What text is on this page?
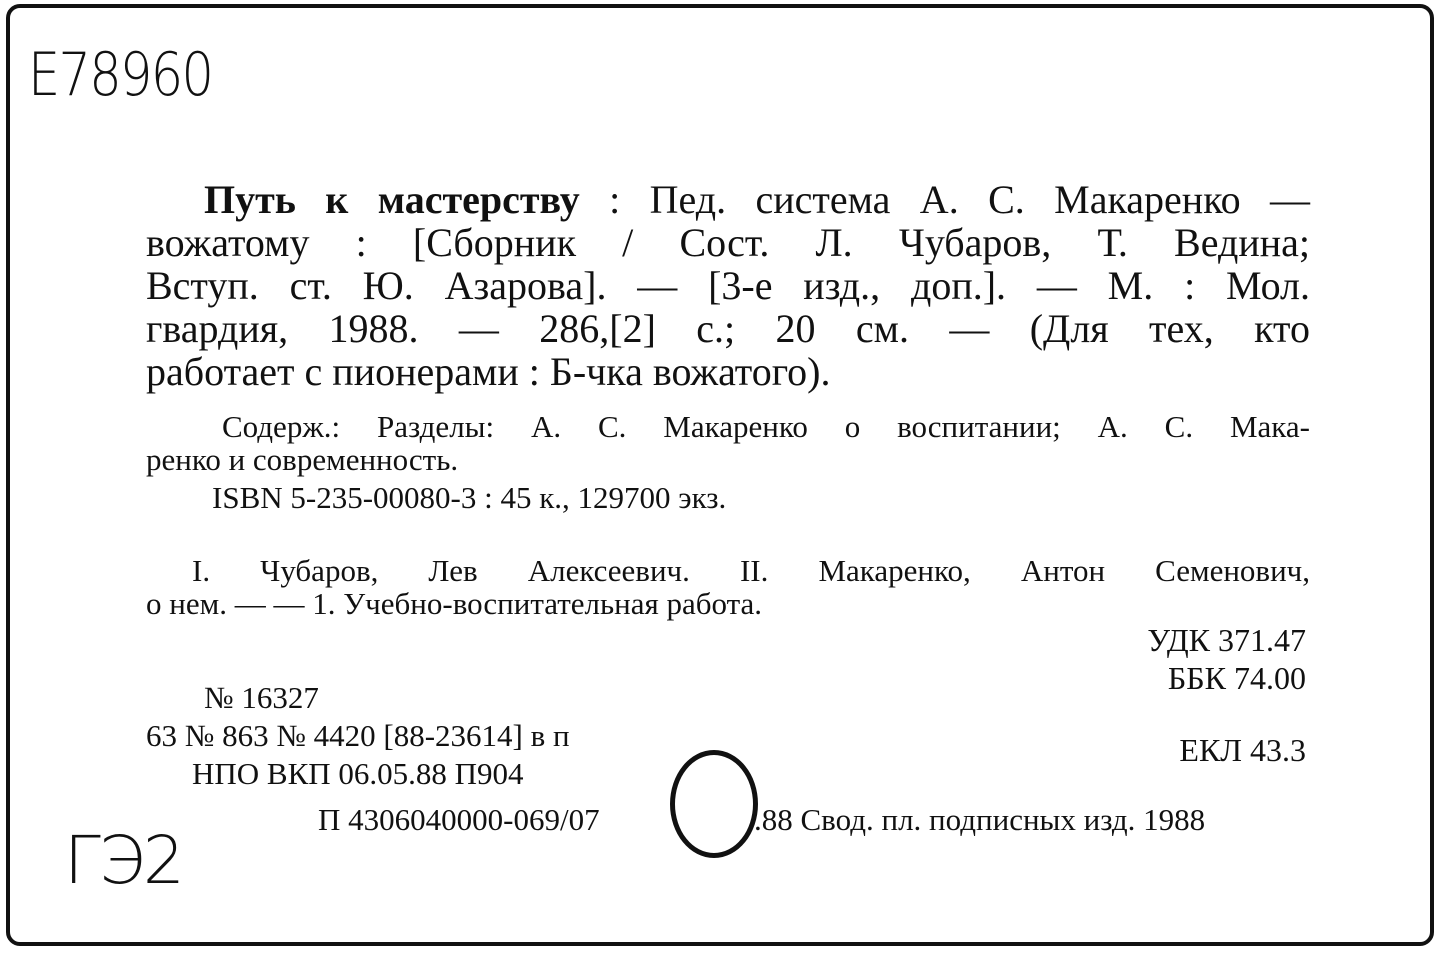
Е78960
Путь к мастерству : Пед. система А. С. Макаренко —
вожатому : [Сборник / Сост. Л. Чубаров, Т. Ведина;
Вступ. ст. Ю. Азарова]. — [3-е изд., доп.]. — М. : Мол.
гвардия, 1988. — 286,[2] с.; 20 см. — (Для тех, кто
работает с пионерами : Б-чка вожатого).
Содерж.: Разделы: А. С. Макаренко о воспитании; А. С. Мака-
ренко и современность.
ISBN 5-235-00080-3 : 45 к., 129700 экз.
I. Чубаров, Лев Алексеевич. II. Макаренко, Антон Семенович,
о нем. — — 1. Учебно-воспитательная работа.
УДК 371.47
ББК 74.00
ЕКЛ 43.3
№ 16327
63 № 863 № 4420 [88-23614] в п
НПО ВКП 06.05.88 П904
П 4306040000-069/07	.88 Свод. пл. подписных изд. 1988
ГЭ2
